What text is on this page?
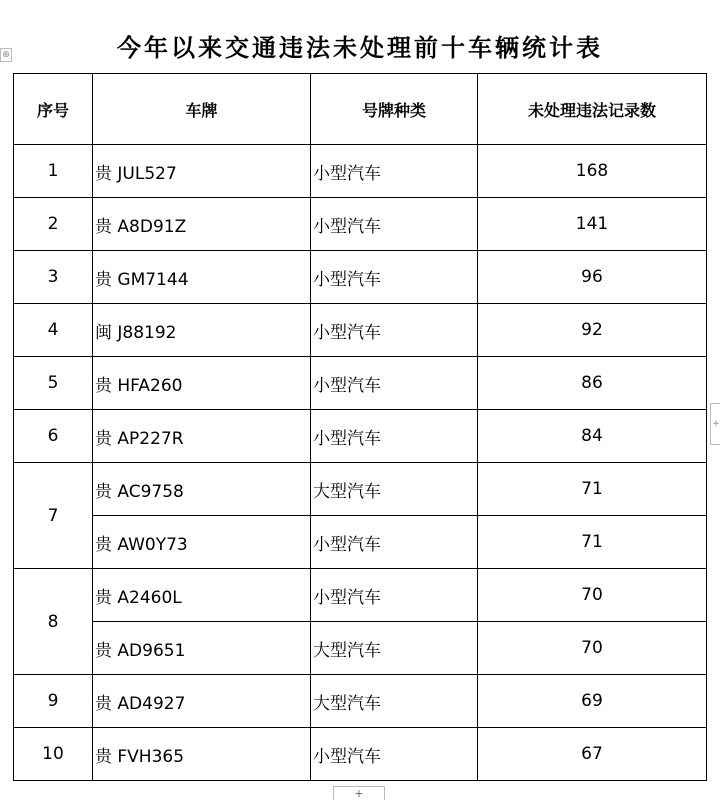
⊕	今年以来交通违法未处理前十车辆统计表
序号	车牌	号牌种类	未处理违法记录数
1	贵 JUL527	小型汽车	168
2	贵 A8D91Z	小型汽车	141
3	贵 GM7144	小型汽车	96
4	闽 J88192	小型汽车	92
5	贵 HFA260	小型汽车	86
6	贵 AP227R	小型汽车	84
7	贵 AC9758	大型汽车	71
	贵 AW0Y73	小型汽车	71
8	贵 A2460L	小型汽车	70
	贵 AD9651	大型汽车	70
9	贵 AD4927	大型汽车	69
10	贵 FVH365	小型汽车	67
+
+
